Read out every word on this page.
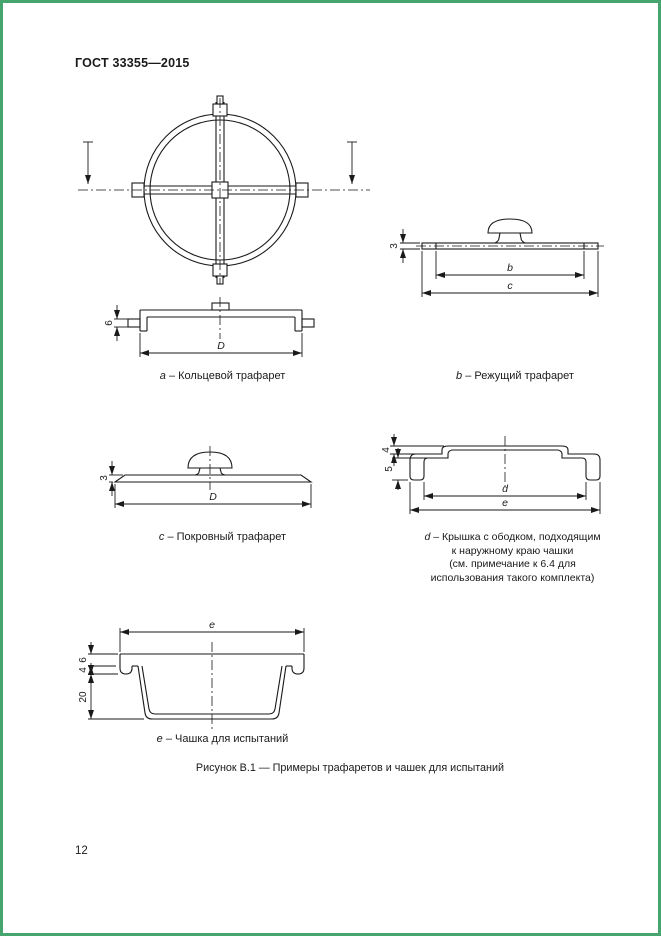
ГОСТ 33355—2015
6
D
a – Кольцевой трафарет
3
b
c
b – Режущий трафарет
3
D
c – Покровный трафарет
4
5
d
e
d – Крышка с ободком, подходящим
к наружному краю чашки
(см. примечание к 6.4 для
использования такого комплекта)
e
6
4
20
e – Чашка для испытаний
Рисунок В.1 — Примеры трафаретов и чашек для испытаний
12
